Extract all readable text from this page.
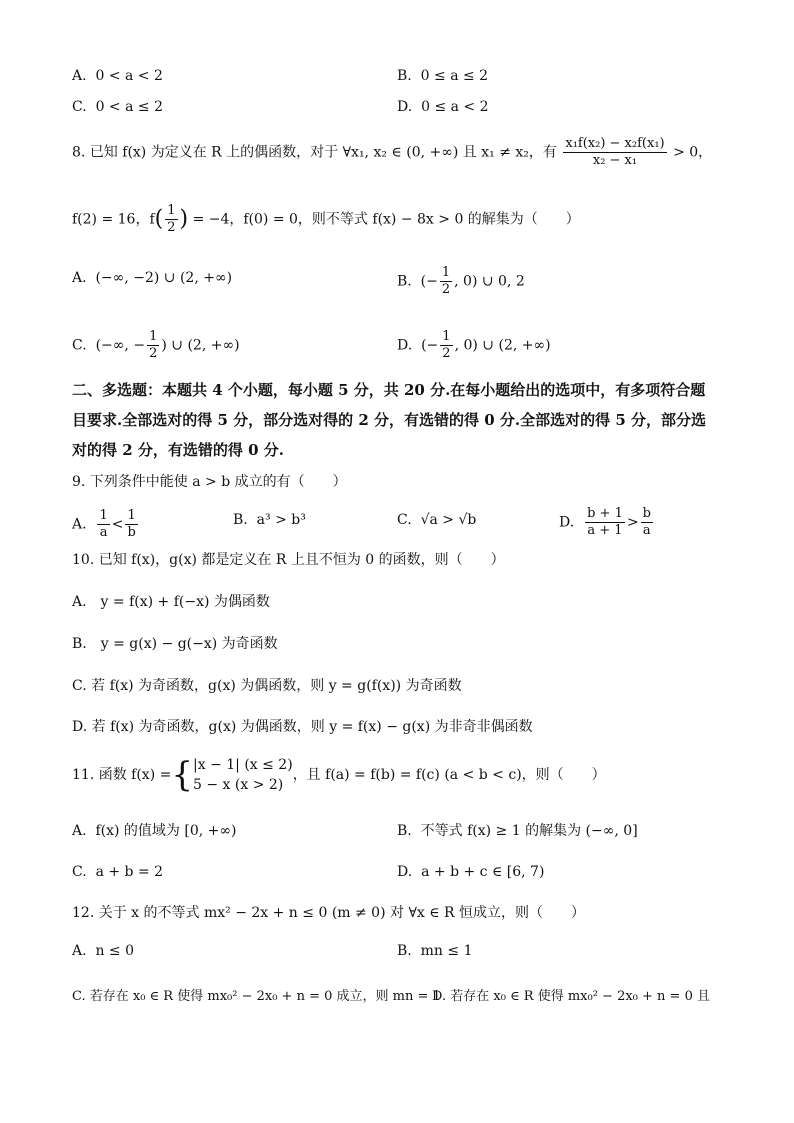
A. 0 < a < 2	B. 0 ≤ a ≤ 2
C. 0 < a ≤ 2	D. 0 ≤ a < 2
8. 已知 f(x) 为定义在 R 上的偶函数，对于 ∀x₁, x₂ ∈ (0, +∞) 且 x₁ ≠ x₂，有 $\frac{\text{x₁f(x₂) − x₂f(x₁)}}{\text{x₂ − x₁}} > 0$，
f(2) = 16，$f( \frac{1}{2}$ ) = −4，f(0) = 0，则不等式 f(x) − 8x > 0 的解集为（　　）
A. (−∞, −2) ∪ (2, +∞)	B. (− $\frac{1}{2}$ , 0) ∪ 0, 2
C. (−∞, − $\frac{1}{2}$ ) ∪ (2, +∞)	D. (− $\frac{1}{2}$ , 0) ∪ (2, +∞)
二、多选题：本题共 4 个小题，每小题 5 分，共 20 分.在每小题给出的选项中，有多项符合题
目要求.全部选对的得 5 分，部分选对得的 2 分，有选错的得 0 分.全部选对的得 5 分，部分选
对的得 2 分，有选错的得 0 分.
9. 下列条件中能使 a > b 成立的有（　　）
A. $\frac{1}{a} < \frac{1}{b}$	B. a³ > b³	C. √a > √b	D. $\frac{b + 1}{a + 1} > \frac{b}{a}$
10. 已知 f(x)，g(x) 都是定义在 R 上且不恒为 0 的函数，则（　　）
A.　y = f(x) + f(−x) 为偶函数
B.　y = g(x) − g(−x) 为奇函数
C. 若 f(x) 为奇函数，g(x) 为偶函数，则 y = g(f(x)) 为奇函数
D. 若 f(x) 为奇函数，g(x) 为偶函数，则 y = f(x) − g(x) 为非奇非偶函数
11. 函数 f(x) ={ |x − 1| (x ≤ 2)
5 − x (x > 2)
，且 f(a) = f(b) = f(c) (a < b < c)，则（　　）
A. f(x) 的值域为 [0, +∞)	B. 不等式 f(x) ≥ 1 的解集为 (−∞, 0]
C. a + b = 2	D. a + b + c ∈ [6, 7)
12. 关于 x 的不等式 mx² − 2x + n ≤ 0 (m ≠ 0) 对 ∀x ∈ R 恒成立，则（　　）
A. n ≤ 0	B. mn ≤ 1
C. 若存在 x₀ ∈ R 使得 mx₀² − 2x₀ + n = 0 成立，则 mn = 1
D. 若存在 x₀ ∈ R 使得 mx₀² − 2x₀ + n = 0 且
